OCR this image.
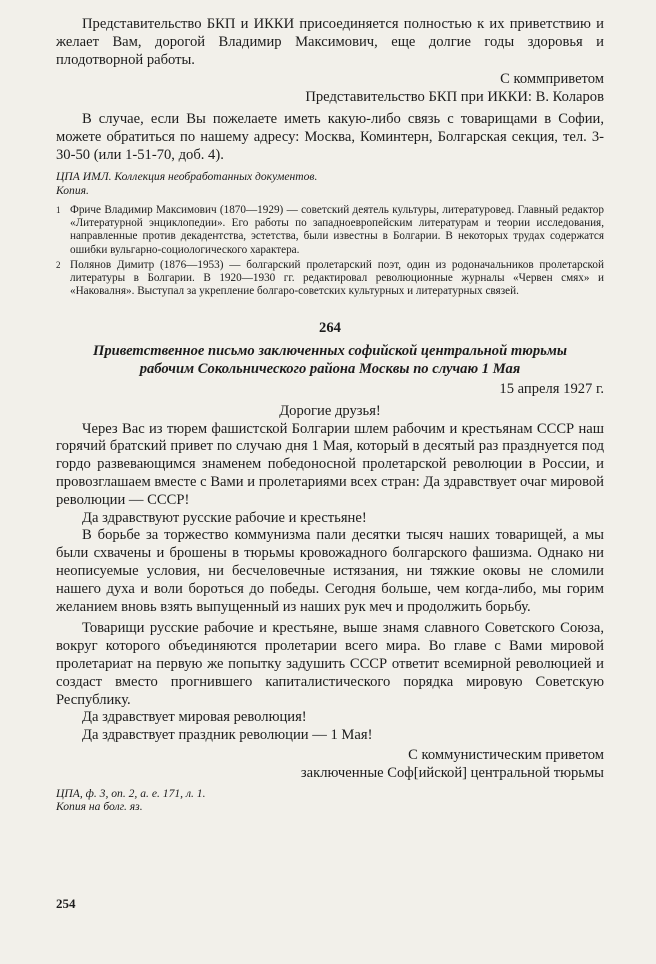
Представительство БКП и ИККИ присоединяется полностью к их приветствию и желает Вам, дорогой Владимир Максимович, еще долгие годы здоровья и плодотворной работы.

С коммприветом

Представительство БКП при ИККИ: В. Коларов

В случае, если Вы пожелаете иметь какую-либо связь с товарищами в Софии, можете обратиться по нашему адресу: Москва, Коминтерн, Болгарская секция, тел. 3-30-50 (или 1-51-70, доб. 4).

ЦПА ИМЛ. Коллекция необработанных документов.

Копия.

1 Фриче Владимир Максимович (1870—1929) — советский деятель культуры, литературовед. Главный редактор «Литературной энциклопедии». Его работы по западноевропейским литературам и теории исследования, направленные против декадентства, эстетства, были известны в Болгарии. В некоторых трудах содержатся ошибки вульгарно-социологического характера.

2 Полянов Димитр (1876—1953) — болгарский пролетарский поэт, один из родоначальников пролетарской литературы в Болгарии. В 1920—1930 гг. редактировал революционные журналы «Червен смях» и «Наковалня». Выступал за укрепление болгаро-советских культурных и литературных связей.

264

Приветственное письмо заключенных софийской центральной тюрьмы рабочим Сокольнического района Москвы по случаю 1 Мая

15 апреля 1927 г.

Дорогие друзья!

Через Вас из тюрем фашистской Болгарии шлем рабочим и крестьянам СССР наш горячий братский привет по случаю дня 1 Мая, который в десятый раз празднуется под гордо развевающимся знаменем победоносной пролетарской революции в России, и провозглашаем вместе с Вами и пролетариями всех стран: Да здравствует очаг мировой революции — СССР!

Да здравствуют русские рабочие и крестьяне!

В борьбе за торжество коммунизма пали десятки тысяч наших товарищей, а мы были схвачены и брошены в тюрьмы кровожадного болгарского фашизма. Однако ни неописуемые условия, ни бесчеловечные истязания, ни тяжкие оковы не сломили нашего духа и воли бороться до победы. Сегодня больше, чем когда-либо, мы горим желанием вновь взять выпущенный из наших рук меч и продолжить борьбу.

Товарищи русские рабочие и крестьяне, выше знамя славного Советского Союза, вокруг которого объединяются пролетарии всего мира. Во главе с Вами мировой пролетариат на первую же попытку задушить СССР ответит всемирной революцией и создаст вместо прогнившего капиталистического порядка мировую Советскую Республику.

Да здравствует мировая революция!

Да здравствует праздник революции — 1 Мая!

С коммунистическим приветом

заключенные Соф[ийской] центральной тюрьмы

ЦПА, ф. 3, оп. 2, а. е. 171, л. 1.

Копия на болг. яз.

254
